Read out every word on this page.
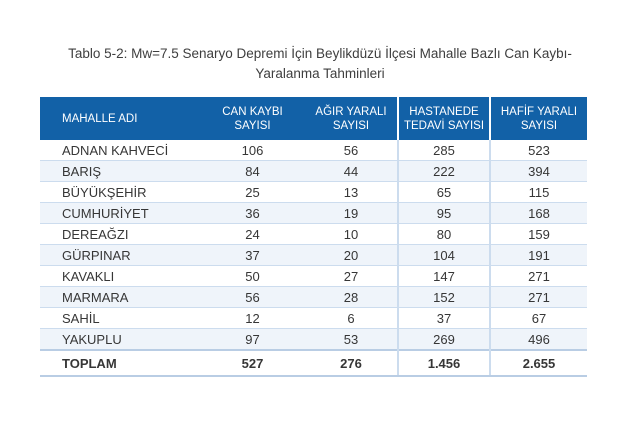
Tablo 5-2: Mw=7.5 Senaryo Depremi İçin Beylikdüzü İlçesi Mahalle Bazlı Can Kaybı-
Yaralanma Tahminleri
MAHALLE ADI	CAN KAYBI SAYISI	AĞIR YARALI SAYISI	HASTANEDE TEDAVİ SAYISI	HAFİF YARALI SAYISI
ADNAN KAHVECİ	106	56	285	523
BARIŞ	84	44	222	394
BÜYÜKŞEHİR	25	13	65	115
CUMHURİYET	36	19	95	168
DEREAĞZI	24	10	80	159
GÜRPINAR	37	20	104	191
KAVAKLI	50	27	147	271
MARMARA	56	28	152	271
SAHİL	12	6	37	67
YAKUPLU	97	53	269	496
TOPLAM	527	276	1.456	2.655
